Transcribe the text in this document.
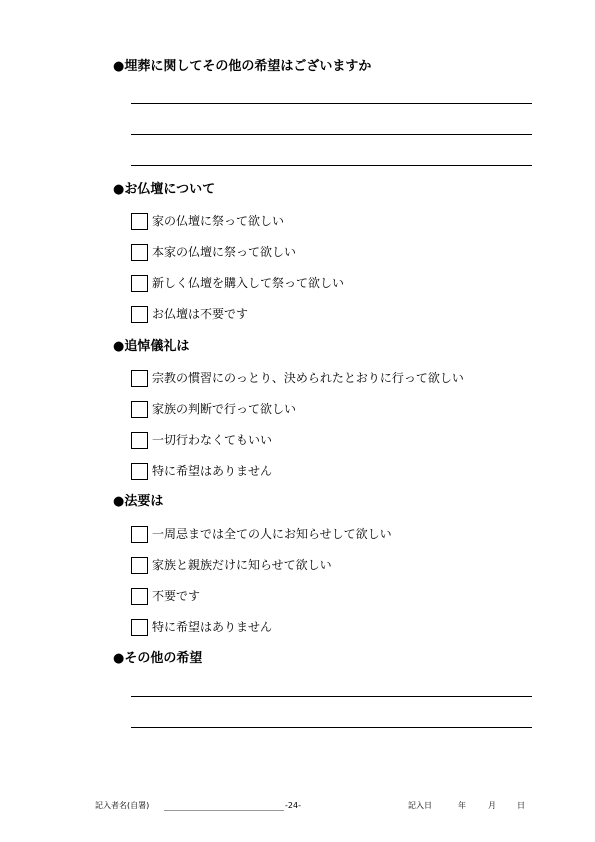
●埋葬に関してその他の希望はございますか
●お仏壇について
家の仏壇に祭って欲しい
本家の仏壇に祭って欲しい
新しく仏壇を購入して祭って欲しい
お仏壇は不要です
●追悼儀礼は
宗教の慣習にのっとり、決められたとおりに行って欲しい
家族の判断で行って欲しい
一切行わなくてもいい
特に希望はありません
●法要は
一周忌までは全ての人にお知らせして欲しい
家族と親族だけに知らせて欲しい
不要です
特に希望はありません
●その他の希望
記入者名(自署)	-24-	記入日	年	月	日
